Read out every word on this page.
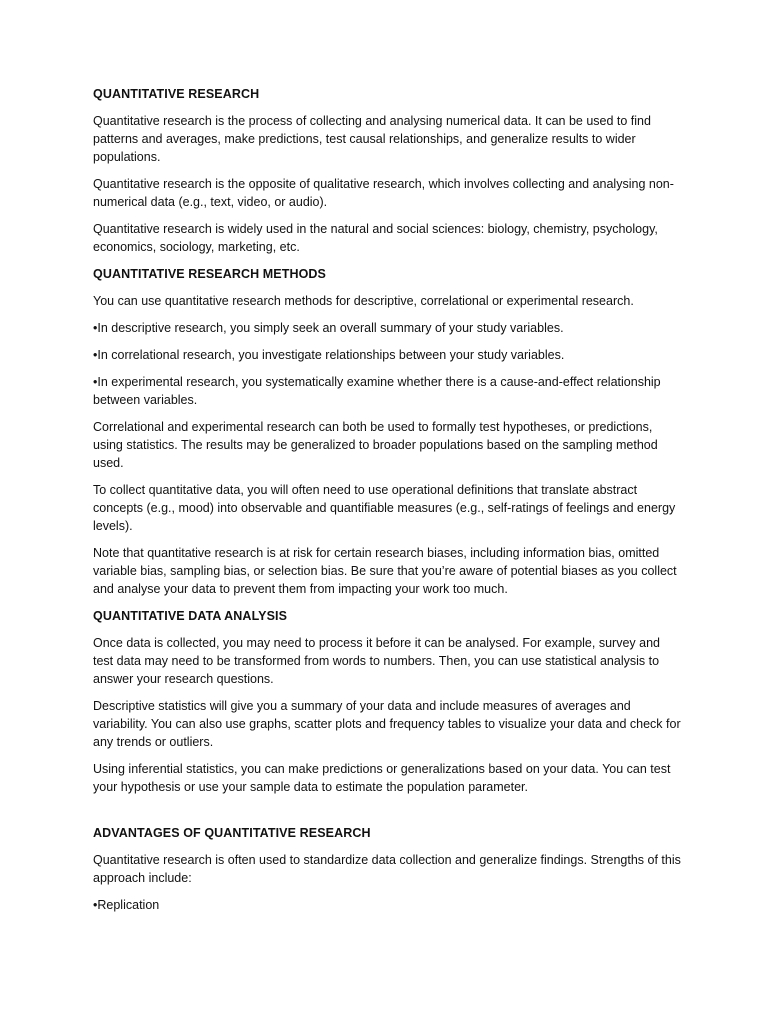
QUANTITATIVE RESEARCH
Quantitative research is the process of collecting and analysing numerical data. It can be used to find patterns and averages, make predictions, test causal relationships, and generalize results to wider populations.
Quantitative research is the opposite of qualitative research, which involves collecting and analysing non-numerical data (e.g., text, video, or audio).
Quantitative research is widely used in the natural and social sciences: biology, chemistry, psychology, economics, sociology, marketing, etc.
QUANTITATIVE RESEARCH METHODS
You can use quantitative research methods for descriptive, correlational or experimental research.
•In descriptive research, you simply seek an overall summary of your study variables.
•In correlational research, you investigate relationships between your study variables.
•In experimental research, you systematically examine whether there is a cause-and-effect relationship between variables.
Correlational and experimental research can both be used to formally test hypotheses, or predictions, using statistics. The results may be generalized to broader populations based on the sampling method used.
To collect quantitative data, you will often need to use operational definitions that translate abstract concepts (e.g., mood) into observable and quantifiable measures (e.g., self-ratings of feelings and energy levels).
Note that quantitative research is at risk for certain research biases, including information bias, omitted variable bias, sampling bias, or selection bias. Be sure that you’re aware of potential biases as you collect and analyse your data to prevent them from impacting your work too much.
QUANTITATIVE DATA ANALYSIS
Once data is collected, you may need to process it before it can be analysed. For example, survey and test data may need to be transformed from words to numbers. Then, you can use statistical analysis to answer your research questions.
Descriptive statistics will give you a summary of your data and include measures of averages and variability. You can also use graphs, scatter plots and frequency tables to visualize your data and check for any trends or outliers.
Using inferential statistics, you can make predictions or generalizations based on your data. You can test your hypothesis or use your sample data to estimate the population parameter.
ADVANTAGES OF QUANTITATIVE RESEARCH
Quantitative research is often used to standardize data collection and generalize findings. Strengths of this approach include:
•Replication
